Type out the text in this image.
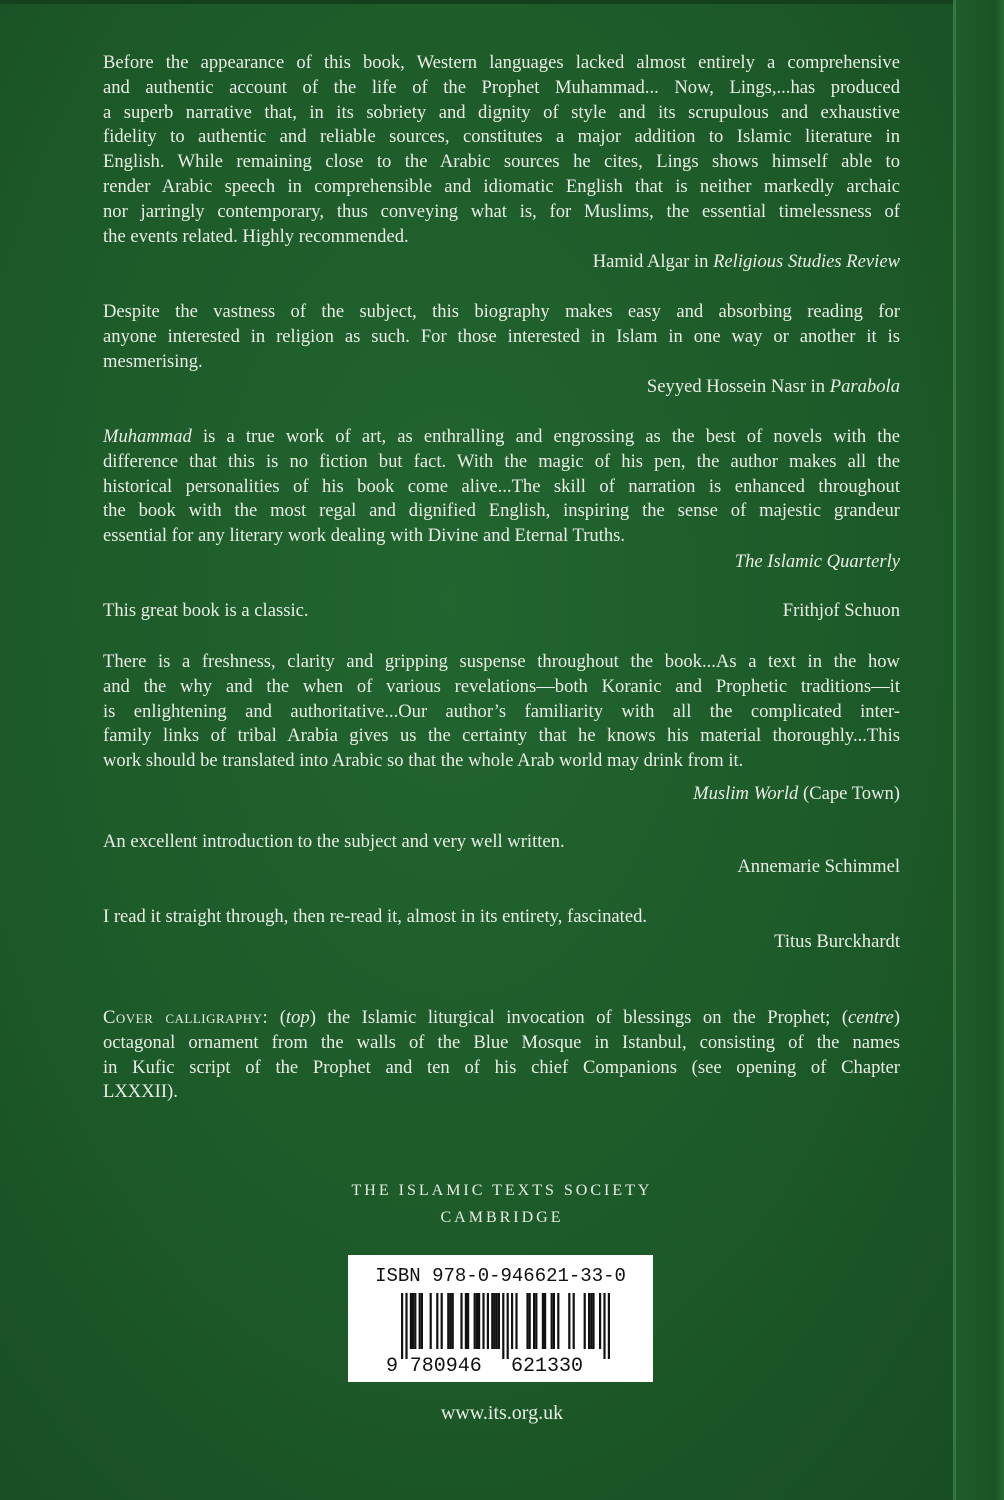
Before the appearance of this book, Western languages lacked almost entirely a comprehensive
and authentic account of the life of the Prophet Muhammad... Now, Lings,...has produced
a superb narrative that, in its sobriety and dignity of style and its scrupulous and exhaustive
fidelity to authentic and reliable sources, constitutes a major addition to Islamic literature in
English. While remaining close to the Arabic sources he cites, Lings shows himself able to
render Arabic speech in comprehensible and idiomatic English that is neither markedly archaic
nor jarringly contemporary, thus conveying what is, for Muslims, the essential timelessness of
the events related. Highly recommended.
Hamid Algar in Religious Studies Review
Despite the vastness of the subject, this biography makes easy and absorbing reading for
anyone interested in religion as such. For those interested in Islam in one way or another it is
mesmerising.
Seyyed Hossein Nasr in Parabola
Muhammad is a true work of art, as enthralling and engrossing as the best of novels with the
difference that this is no fiction but fact. With the magic of his pen, the author makes all the
historical personalities of his book come alive...The skill of narration is enhanced throughout
the book with the most regal and dignified English, inspiring the sense of majestic grandeur
essential for any literary work dealing with Divine and Eternal Truths.
The Islamic Quarterly
This great book is a classic.	Frithjof Schuon
There is a freshness, clarity and gripping suspense throughout the book...As a text in the how
and the why and the when of various revelations—both Koranic and Prophetic traditions—it
is enlightening and authoritative...Our author’s familiarity with all the complicated inter-
family links of tribal Arabia gives us the certainty that he knows his material thoroughly...This
work should be translated into Arabic so that the whole Arab world may drink from it.
Muslim World (Cape Town)
An excellent introduction to the subject and very well written.
Annemarie Schimmel
I read it straight through, then re-read it, almost in its entirety, fascinated.
Titus Burckhardt
Cover calligraphy: (top) the Islamic liturgical invocation of blessings on the Prophet; (centre)
octagonal ornament from the walls of the Blue Mosque in Istanbul, consisting of the names
in Kufic script of the Prophet and ten of his chief Companions (see opening of Chapter
LXXXII).
THE ISLAMIC TEXTS SOCIETY
CAMBRIDGE
ISBN 978-0-946621-33-0
9 780946 621330
www.its.org.uk
